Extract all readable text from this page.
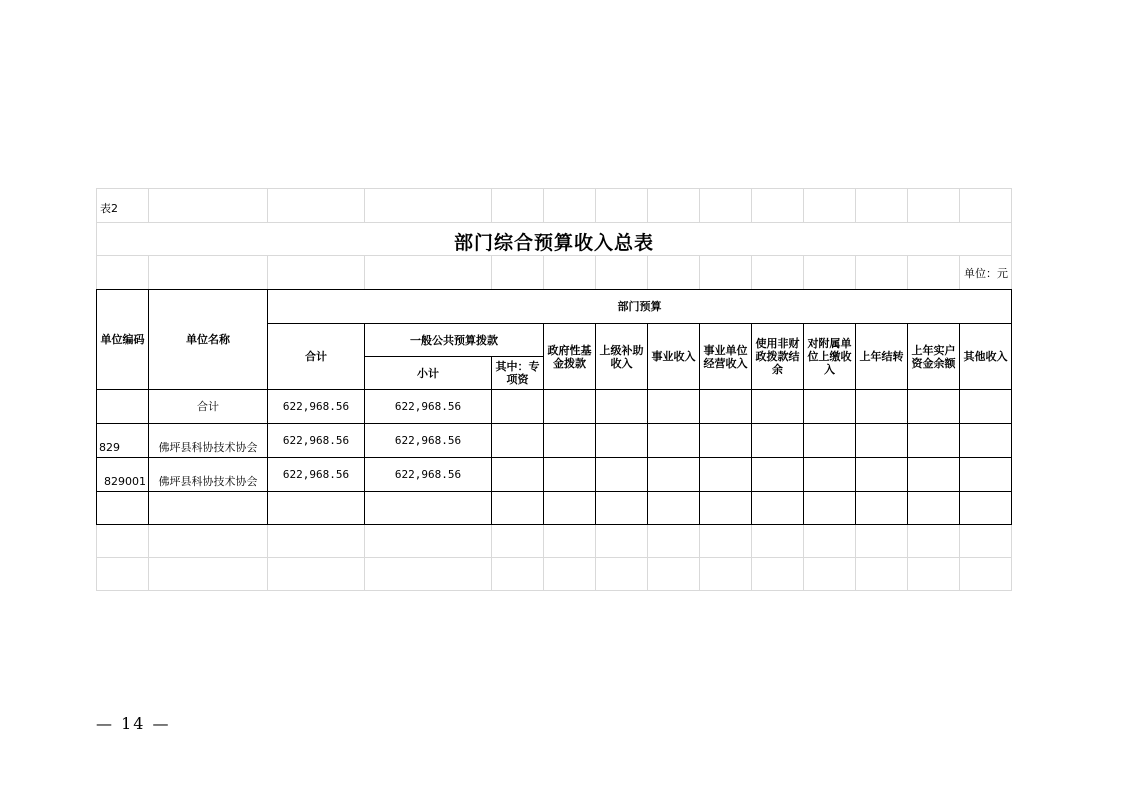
表2
部门综合预算收入总表
单位：元
单位编码	单位名称	部门预算											
		合计	一般公共预算拨款		政府性基金拨款	上级补助收入	事业收入	事业单位经营收入	使用非财政拨款结余	对附属单位上缴收入	上年结转	上年实户资金余额	其他收入
			小计	其中：专项资									
	合计	622,968.56	622,968.56										
829	佛坪县科协技术协会	622,968.56	622,968.56										
829001	佛坪县科协技术协会	622,968.56	622,968.56										

— 14 —
